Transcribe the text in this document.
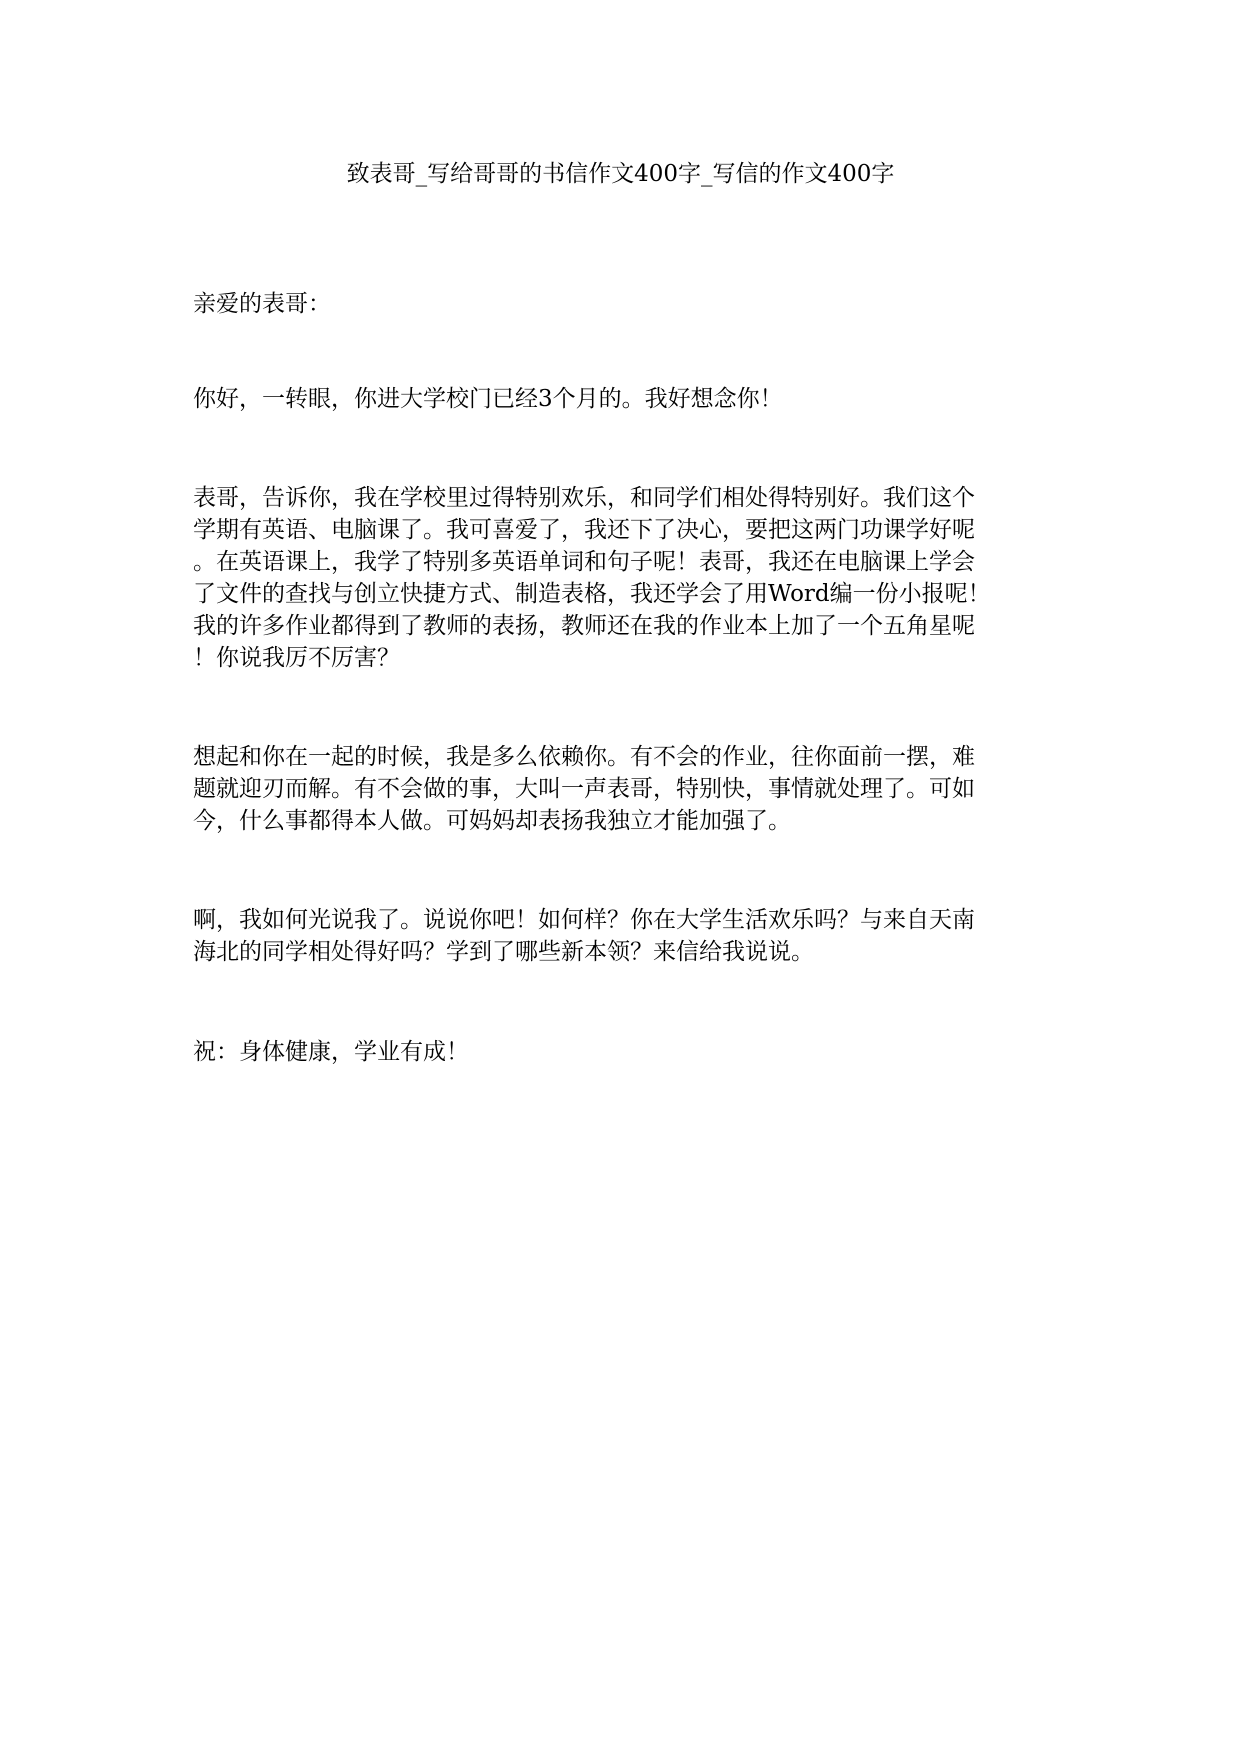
致表哥_写给哥哥的书信作文400字_写信的作文400字

亲爱的表哥：

你好，一转眼，你进大学校门已经3个月的。我好想念你！

表哥，告诉你，我在学校里过得特别欢乐，和同学们相处得特别好。我们这个
学期有英语、电脑课了。我可喜爱了，我还下了决心，要把这两门功课学好呢
。在英语课上，我学了特别多英语单词和句子呢！表哥，我还在电脑课上学会
了文件的查找与创立快捷方式、制造表格，我还学会了用Word编一份小报呢！
我的许多作业都得到了教师的表扬，教师还在我的作业本上加了一个五角星呢
！你说我厉不厉害？

想起和你在一起的时候，我是多么依赖你。有不会的作业，往你面前一摆，难
题就迎刃而解。有不会做的事，大叫一声表哥，特别快，事情就处理了。可如
今，什么事都得本人做。可妈妈却表扬我独立才能加强了。

啊，我如何光说我了。说说你吧！如何样？你在大学生活欢乐吗？与来自天南
海北的同学相处得好吗？学到了哪些新本领？来信给我说说。

祝：身体健康，学业有成！
